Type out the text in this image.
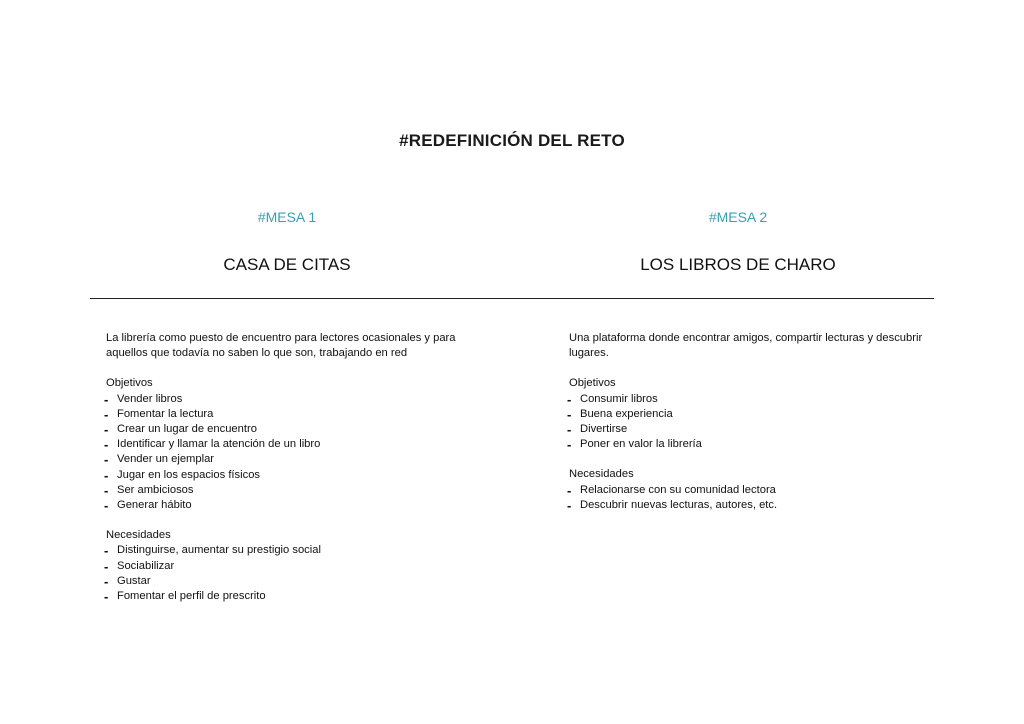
#REDEFINICIÓN DEL RETO
#MESA 1	#MESA 2
CASA DE CITAS	LOS LIBROS DE CHARO

La librería como puesto de encuentro para lectores ocasionales y para aquellos que todavía no saben lo que son, trabajando en red

Objetivos

- Vender libros
- Fomentar la lectura
- Crear un lugar de encuentro
- Identificar y llamar la atención de un libro
- Vender un ejemplar
- Jugar en los espacios físicos
- Ser ambiciosos
- Generar hábito

Necesidades

- Distinguirse, aumentar su prestigio social
- Sociabilizar
- Gustar
- Fomentar el perfil de prescrito

Una plataforma donde encontrar amigos, compartir lecturas y descubrir lugares.

Objetivos

- Consumir libros
- Buena experiencia
- Divertirse
- Poner en valor la librería

Necesidades

- Relacionarse con su comunidad lectora
- Descubrir nuevas lecturas, autores, etc.
